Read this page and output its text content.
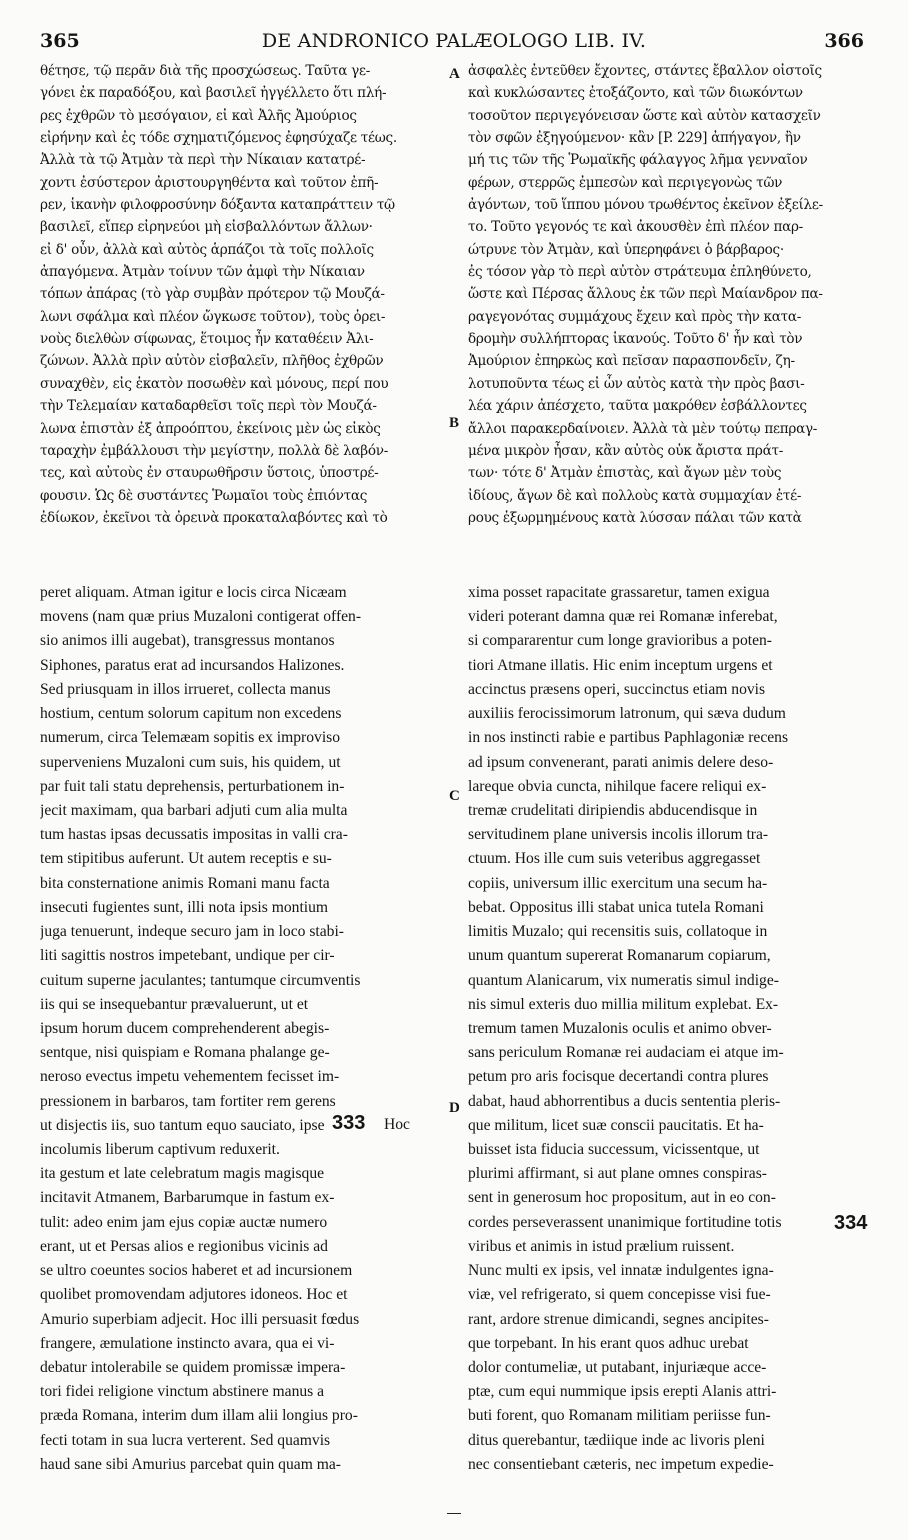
365	DE ANDRONICO PALÆOLOGO LIB. IV.	366
θέτησε, τῷ περᾶν διὰ τῆς προσχώσεως. Ταῦτα γε-
γόνει ἐκ παραδόξου, καὶ βασιλεῖ ἠγγέλλετο ὅτι πλή-
ρες ἐχθρῶν τὸ μεσόγαιον, εἰ καὶ Ἀλῆς Ἀμούριος
εἰρήνην καὶ ἐς τόδε σχηματιζόμενος ἐφησύχαζε τέως.
Ἀλλὰ τὰ τῷ Ἀτμὰν τὰ περὶ τὴν Νίκαιαν κατατρέ-
χοντι ἐσύστερον ἀριστουργηθέντα καὶ τοῦτον ἐπῆ-
ρεν, ἱκανὴν φιλοφροσύνην δόξαντα καταπράττειν τῷ
βασιλεῖ, εἴπερ εἰρηνεύοι μὴ εἰσβαλλόντων ἄλλων·
εἰ δ' οὖν, ἀλλὰ καὶ αὐτὸς ἁρπάζοι τὰ τοῖς πολλοῖς
ἀπαγόμενα. Ἀτμὰν τοίνυν τῶν ἀμφὶ τὴν Νίκαιαν
τόπων ἀπάρας (τὸ γὰρ συμβὰν πρότερον τῷ Μουζά-
λωνι σφάλμα καὶ πλέον ὤγκωσε τοῦτον), τοὺς ὀρει-
νοὺς διελθὼν σίφωνας, ἕτοιμος ἦν καταθέειν Ἀλι-
ζώνων. Ἀλλὰ πρὶν αὐτὸν εἰσβαλεῖν, πλῆθος ἐχθρῶν
συναχθὲν, εἰς ἑκατὸν ποσωθὲν καὶ μόνους, περί που
τὴν Τελεμαίαν καταδαρθεῖσι τοῖς περὶ τὸν Μουζά-
λωνα ἐπιστὰν ἐξ ἀπροόπτου, ἐκείνοις μὲν ὡς εἰκὸς
ταραχὴν ἐμβάλλουσι τὴν μεγίστην, πολλὰ δὲ λαβόν-
τες, καὶ αὐτοὺς ἐν σταυρωθῆρσιν ὕστοις, ὑποστρέ-
φουσιν. Ὡς δὲ συστάντες Ῥωμαῖοι τοὺς ἐπιόντας
ἐδίωκον, ἐκεῖνοι τὰ ὀρεινὰ προκαταλαβόντες καὶ τὸ
ἀσφαλὲς ἐντεῦθεν ἔχοντες, στάντες ἔβαλλον οἰστοῖς
καὶ κυκλώσαντες ἐτοξάζοντο, καὶ τῶν διωκόντων
τοσοῦτον περιγεγόνεισαν ὥστε καὶ αὐτὸν κατασχεῖν
τὸν σφῶν ἐξηγούμενον· κἂν [P. 229] ἀπήγαγον, ἢν
μή τις τῶν τῆς Ῥωμαϊκῆς φάλαγγος λῆμα γενναῖον
φέρων, στερρῶς ἐμπεσὼν καὶ περιγεγονὼς τῶν
ἀγόντων, τοῦ ἵππου μόνου τρωθέντος ἐκεῖνον ἐξείλε-
το. Τοῦτο γεγονός τε καὶ ἀκουσθὲν ἐπὶ πλέον παρ-
ώτρυνε τὸν Ἀτμὰν, καὶ ὑπερηφάνει ὁ βάρβαρος·
ἐς τόσον γὰρ τὸ περὶ αὐτὸν στράτευμα ἐπληθύνετο,
ὥστε καὶ Πέρσας ἄλλους ἐκ τῶν περὶ Μαίανδρον πα-
ραγεγονότας συμμάχους ἔχειν καὶ πρὸς τὴν κατα-
δρομὴν συλλήπτορας ἱκανούς. Τοῦτο δ' ἦν καὶ τὸν
Ἀμούριον ἐπηρκὼς καὶ πεῖσαν παρασπονδεῖν, ζη-
λοτυποῦντα τέως εἰ ὧν αὐτὸς κατὰ τὴν πρὸς βασι-
λέα χάριν ἀπέσχετο, ταῦτα μακρόθεν ἐσβάλλοντες
ἄλλοι παρακερδαίνοιεν. Ἀλλὰ τὰ μὲν τούτῳ πεπραγ-
μένα μικρὸν ἦσαν, κἂν αὐτὸς οὐκ ἄριστα πράτ-
των· τότε δ' Ἀτμὰν ἐπιστὰς, καὶ ἄγων μὲν τοὺς
ἰδίους, ἄγων δὲ καὶ πολλοὺς κατὰ συμμαχίαν ἑτέ-
ρους ἐξωρμημένους κατὰ λύσσαν πάλαι τῶν κατὰ
peret aliquam. Atman igitur e locis circa Nicæam
movens (nam quæ prius Muzaloni contigerat offen-
sio animos illi augebat), transgressus montanos
Siphones, paratus erat ad incursandos Halizones.
Sed priusquam in illos irrueret, collecta manus
hostium, centum solorum capitum non excedens
numerum, circa Telemæam sopitis ex improviso
superveniens Muzaloni cum suis, his quidem, ut
par fuit tali statu deprehensis, perturbationem in-
jecit maximam, qua barbari adjuti cum alia multa
tum hastas ipsas decussatis impositas in valli cra-
tem stipitibus auferunt. Ut autem receptis e su-
bita consternatione animis Romani manu facta
insecuti fugientes sunt, illi nota ipsis montium
juga tenuerunt, indeque securo jam in loco stabi-
liti sagittis nostros impetebant, undique per cir-
cuitum superne jaculantes; tantumque circumventis
iis qui se insequebantur prævaluerunt, ut et
ipsum horum ducem comprehenderent abegis-
sentque, nisi quispiam e Romana phalange ge-
neroso evectus impetu vehementem fecisset im-
pressionem in barbaros, tam fortiter rem gerens
ut disjectis iis, suo tantum equo sauciato, ipse
incolumis liberum captivum reduxerit.
ita gestum et late celebratum magis magisque
incitavit Atmanem, Barbarumque in fastum ex-
tulit: adeo enim jam ejus copiæ auctæ numero
erant, ut et Persas alios e regionibus vicinis ad
se ultro coeuntes socios haberet et ad incursionem
quolibet promovendam adjutores idoneos. Hoc et
Amurio superbiam adjecit. Hoc illi persuasit fœdus
frangere, æmulatione instincto avara, qua ei vi-
debatur intolerabile se quidem promissæ impera-
tori fidei religione vinctum abstinere manus a
præda Romana, interim dum illam alii longius pro-
fecti totam in sua lucra verterent. Sed quamvis
haud sane sibi Amurius parcebat quin quam ma-
xima posset rapacitate grassaretur, tamen exigua
videri poterant damna quæ rei Romanæ inferebat,
si compararentur cum longe gravioribus a poten-
tiori Atmane illatis. Hic enim inceptum urgens et
accinctus præsens operi, succinctus etiam novis
auxiliis ferocissimorum latronum, qui sæva dudum
in nos instincti rabie e partibus Paphlagoniæ recens
ad ipsum convenerant, parati animis delere deso-
lareque obvia cuncta, nihilque facere reliqui ex-
tremæ crudelitati diripiendis abducendisque in
servitudinem plane universis incolis illorum tra-
ctuum. Hos ille cum suis veteribus aggregasset
copiis, universum illic exercitum una secum ha-
bebat. Oppositus illi stabat unica tutela Romani
limitis Muzalo; qui recensitis suis, collatoque in
unum quantum supererat Romanarum copiarum,
quantum Alanicarum, vix numeratis simul indige-
nis simul exteris duo millia militum explebat. Ex-
tremum tamen Muzalonis oculis et animo obver-
sans periculum Romanæ rei audaciam ei atque im-
petum pro aris focisque decertandi contra plures
dabat, haud abhorrentibus a ducis sententia pleris-
que militum, licet suæ conscii paucitatis. Et ha-
buisset ista fiducia successum, vicissentque, ut
plurimi affirmant, si aut plane omnes conspiras-
sent in generosum hoc propositum, aut in eo con-
cordes perseverassent unanimique fortitudine totis
viribus et animis in istud prælium ruissent.
Nunc multi ex ipsis, vel innatæ indulgentes igna-
viæ, vel refrigerato, si quem concepisse visi fue-
rant, ardore strenue dimicandi, segnes ancipites-
que torpebant. In his erant quos adhuc urebat
dolor contumeliæ, ut putabant, injuriæque acce-
ptæ, cum equi nummique ipsis erepti Alanis attri-
buti forent, quo Romanam militiam periisse fun-
ditus querebantur, tædiique inde ac livoris pleni
nec consentiebant cæteris, nec impetum expedie-
A
B
C
D
333 Hoc
334
